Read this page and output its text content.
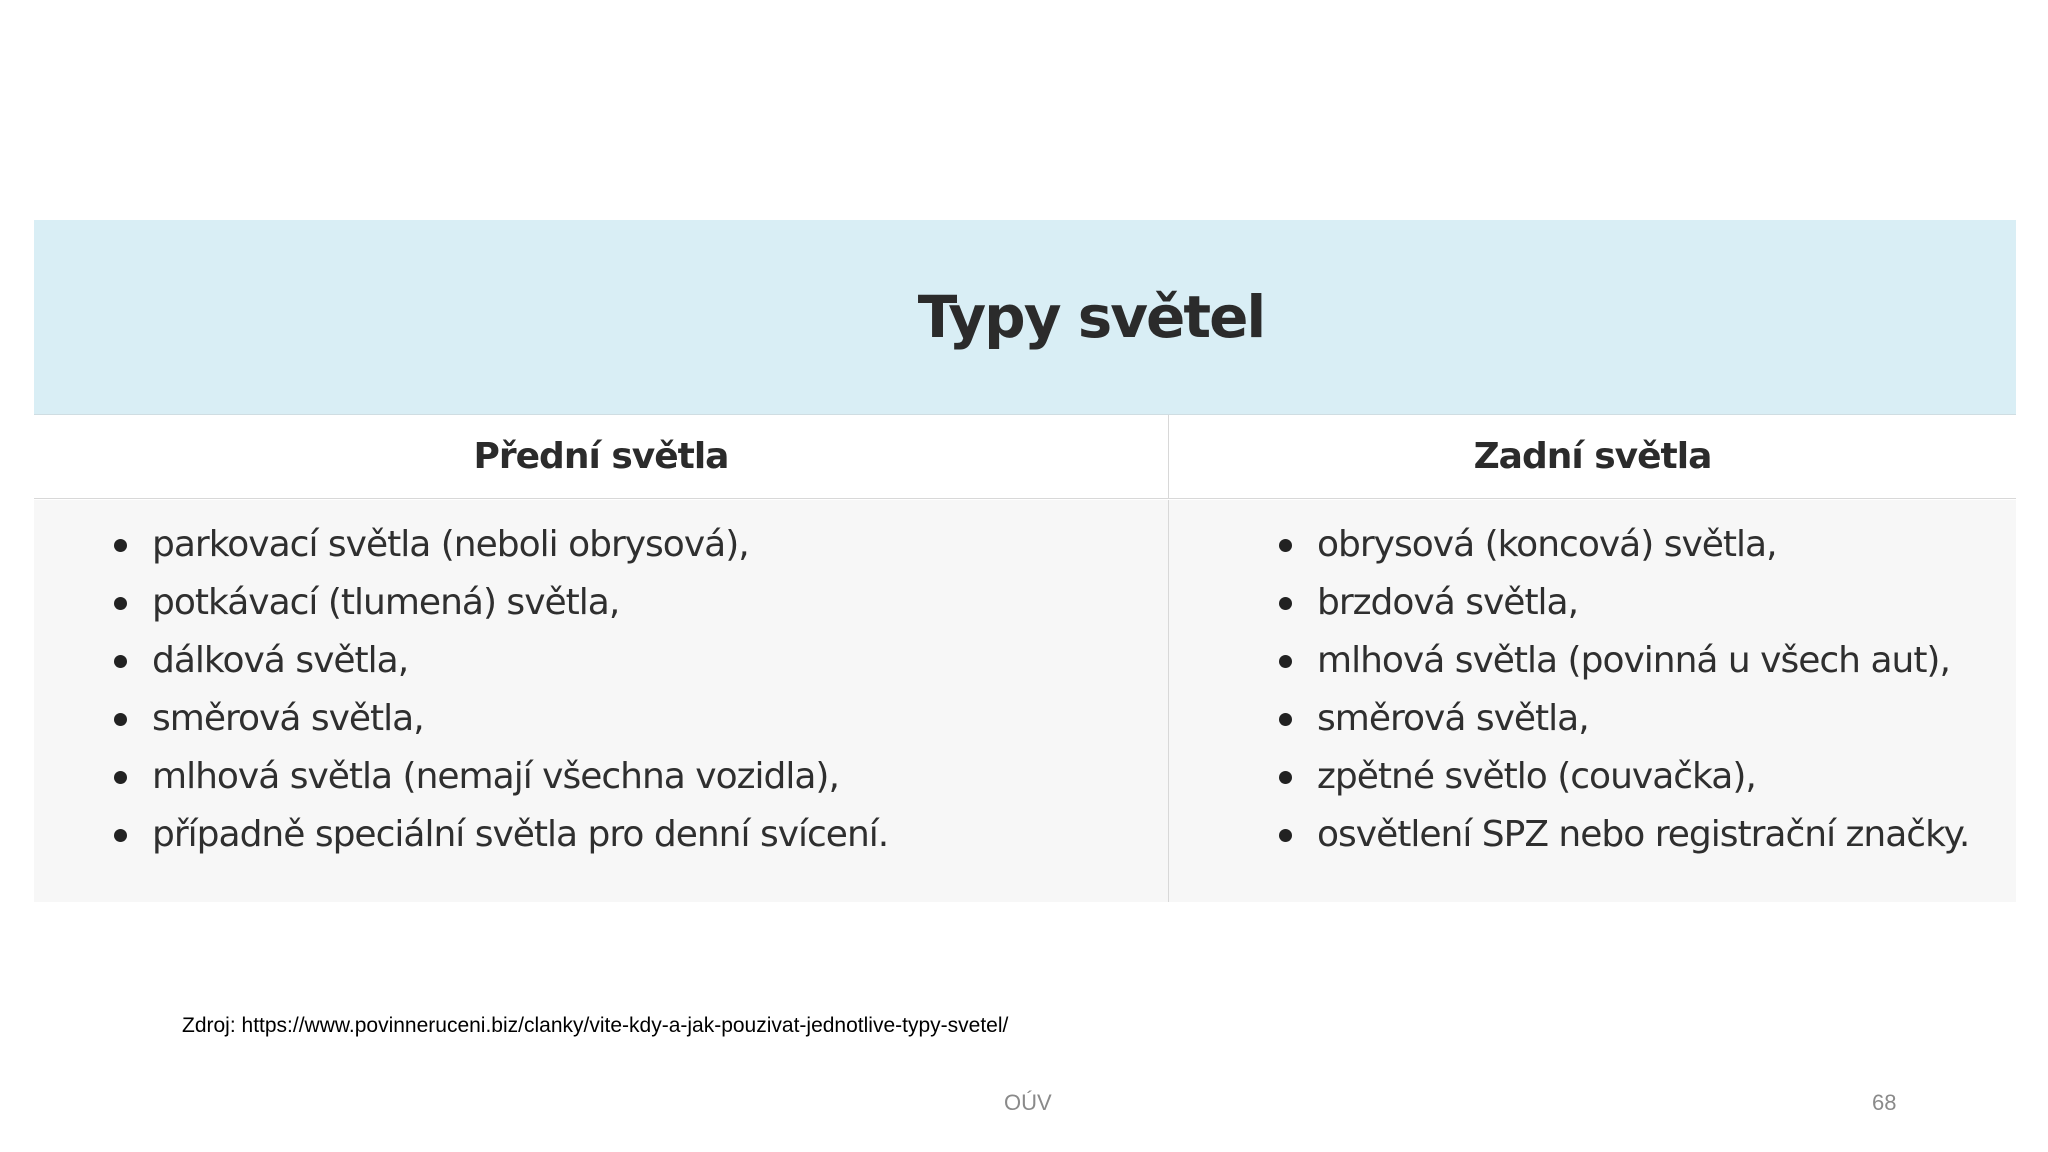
Typy světel
Přední světla	Zadní světla
parkovací světla (neboli obrysová),
potkávací (tlumená) světla,
dálková světla,
směrová světla,
mlhová světla (nemají všechna vozidla),
případně speciální světla pro denní svícení.
obrysová (koncová) světla,
brzdová světla,
mlhová světla (povinná u všech aut),
směrová světla,
zpětné světlo (couvačka),
osvětlení SPZ nebo registrační značky.
Zdroj: https://www.povinneruceni.biz/clanky/vite-kdy-a-jak-pouzivat-jednotlive-typy-svetel/
OÚV	68
